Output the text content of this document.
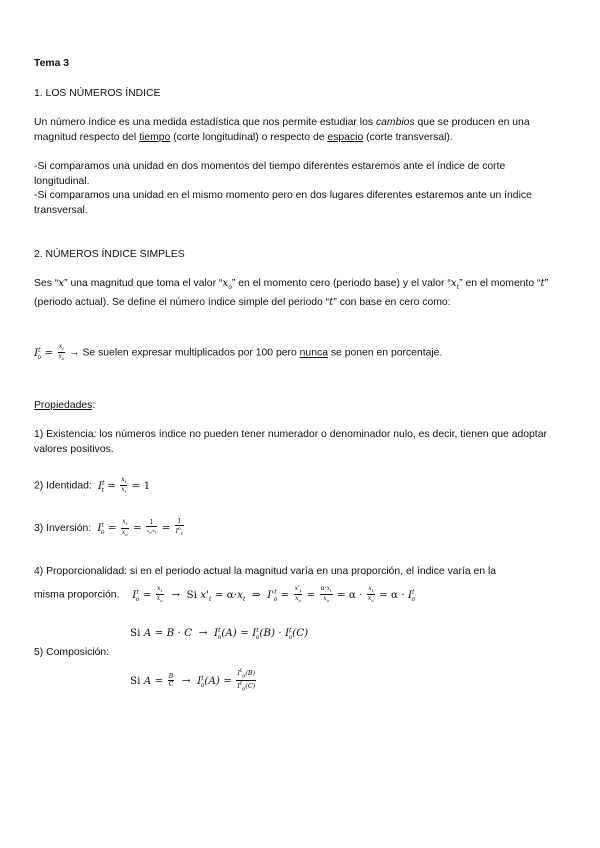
Tema 3
1. LOS NÚMEROS ÍNDICE
Un número índice es una medida estadística que nos permite estudiar los cambios que se producen en una magnitud respecto del tiempo (corte longitudinal) o respecto de espacio (corte transversal).
-Si comparamos una unidad en dos momentos del tiempo diferentes estaremos ante el índice de corte longitudinal.
-Si comparamos una unidad en el mismo momento pero en dos lugares diferentes estaremos ante un índice transversal.
2. NÚMEROS ÍNDICE SIMPLES
Ses “x” una magnitud que toma el valor “$x_o$” en el momento cero (periodo base) y el valor “$x_t$” en el momento “t” (periodo actual). Se define el número índice simple del periodo “t” con base en cero como:
$I^t_o = \frac{x_t}{x_o} \to Se$ suelen expresar multiplicados por 100 pero nunca se ponen en porcentaje.
Propiedades:
1) Existencia: los números índice no pueden tener numerador o denominador nulo, es decir, tienen que adoptar valores positivos.
2) Identidad:  $I^t_t = \frac{x_t}{x_t} = 1$
3) Inversión:  $I^t_o = \frac{x_t}{x_o} = \frac{1}{x_o/x_t} = \frac{1}{I^o_t}$
4) Proporcionalidad: si en el periodo actual la magnitud varía en una proporción, el índice varía en la
misma proporción.    $I^t_o = \frac{x_t}{x_o} \to Si$ $x'_t = \alpha\cdot x_t$  ⇒  $I'^t_o = \frac{x'_t}{x_o} = \frac{\alpha\cdot x_t}{x_o} = \alpha \cdot \frac{x_t}{x_o} = \alpha \cdot I^t_o$
Si $A = B \cdot C \to I^t_o(A) = I^t_o(B) \cdot I^t_o(C)$
5) Composición:
Si $A = \frac{B}{C} \to I^t_o(A) = \frac{I^t_o(B)}{I^t_o(C)}$
